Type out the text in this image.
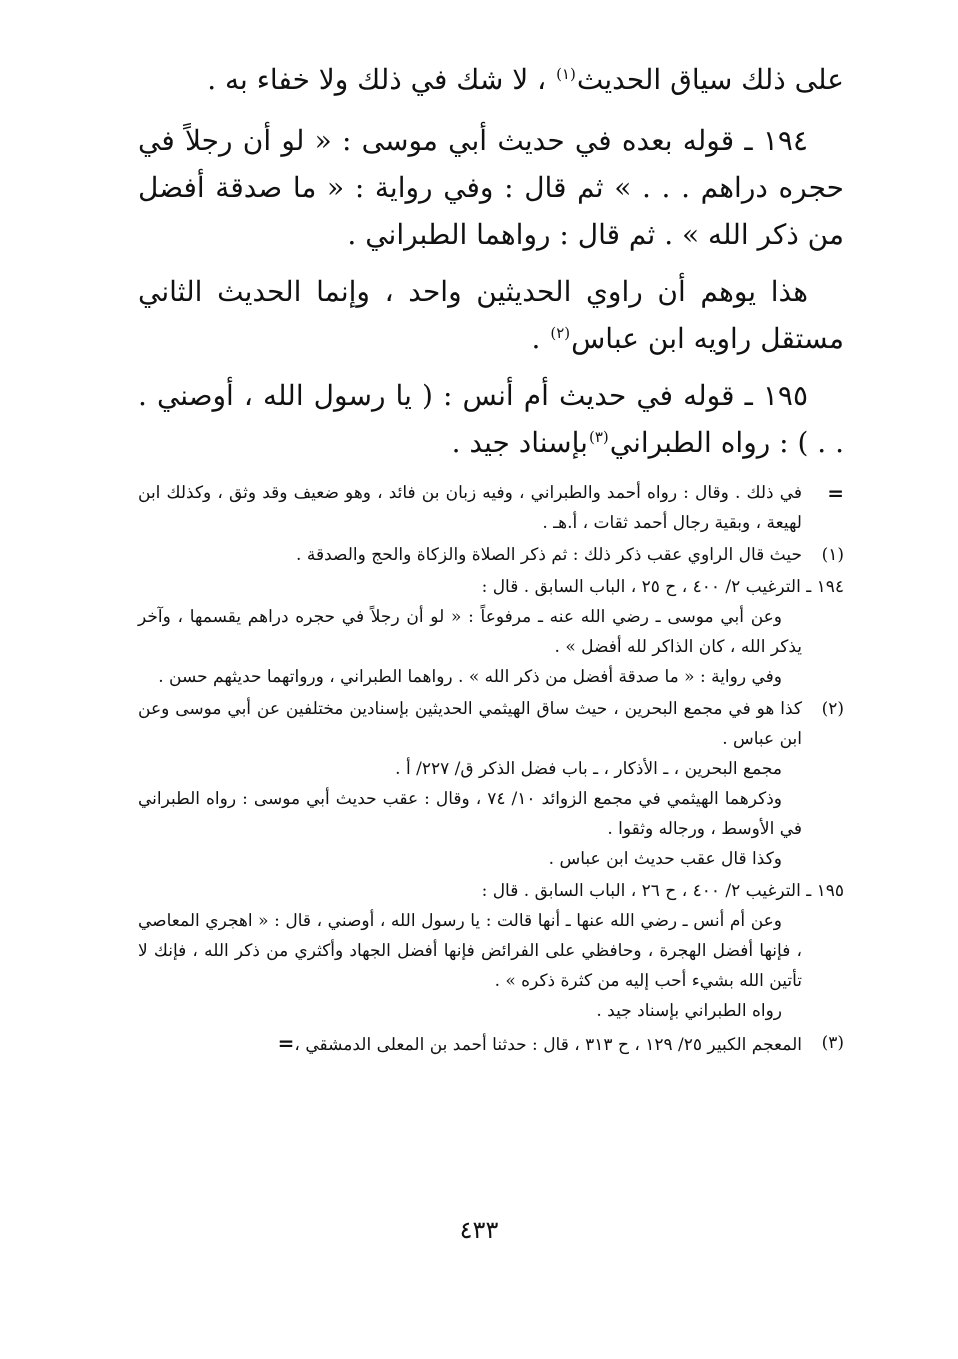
على ذلك سياق الحديث$^{(١)}$ ، لا شك في ذلك ولا خفاء به .

١٩٤ ـ قوله بعده في حديث أبي موسى : « لو أن رجلاً في حجره دراهم . . . » ثم قال : وفي رواية : « ما صدقة أفضل من ذكر الله » . ثم قال : رواهما الطبراني .

هذا يوهم أن راوي الحديثين واحد ، وإنما الحديث الثاني مستقل راويه ابن عباس$^{(٢)}$ .

١٩٥ ـ قوله في حديث أم أنس : ( يا رسول الله ، أوصني . . . ) : رواه الطبراني$^{(٣)}$بإسناد جيد .

=
في ذلك . وقال : رواه أحمد والطبراني ، وفيه زبان بن فائد ، وهو ضعيف وقد وثق ، وكذلك ابن لهيعة ، وبقية رجال أحمد ثقات ، أ.هـ .
(١)
حيث قال الراوي عقب ذكر ذلك : ثم ذكر الصلاة والزكاة والحج والصدقة .
١٩٤ ـ الترغيب ٢/ ٤٠٠ ، ح ٢٥ ، الباب السابق . قال :
وعن أبي موسى ـ رضي الله عنه ـ مرفوعاً : « لو أن رجلاً في حجره دراهم يقسمها ، وآخر يذكر الله ، كان الذاكر لله أفضل » .
وفي رواية : « ما صدقة أفضل من ذكر الله » . رواهما الطبراني ، ورواتهما حديثهم حسن .
(٢)
كذا هو في مجمع البحرين ، حيث ساق الهيثمي الحديثين بإسنادين مختلفين عن أبي موسى وعن ابن عباس .
مجمع البحرين ، ـ الأذكار ، ـ باب فضل الذكر ق/ ٢٢٧/ أ .
وذكرهما الهيثمي في مجمع الزوائد ١٠/ ٧٤ ، وقال : عقب حديث أبي موسى : رواه الطبراني في الأوسط ، ورجاله وثقوا .
وكذا قال عقب حديث ابن عباس .
١٩٥ ـ الترغيب ٢/ ٤٠٠ ، ح ٢٦ ، الباب السابق . قال :
وعن أم أنس ـ رضي الله عنها ـ أنها قالت : يا رسول الله ، أوصني ، قال : « اهجري المعاصي ، فإنها أفضل الهجرة ، وحافظي على الفرائض فإنها أفضل الجهاد وأكثري من ذكر الله ، فإنك لا تأتين الله بشيء أحب إليه من كثرة ذكره » .
رواه الطبراني بإسناد جيد .
(٣)
المعجم الكبير ٢٥/ ١٢٩ ، ح ٣١٣ ، قال : حدثنا أحمد بن المعلى الدمشقي ،=
٤٣٣
